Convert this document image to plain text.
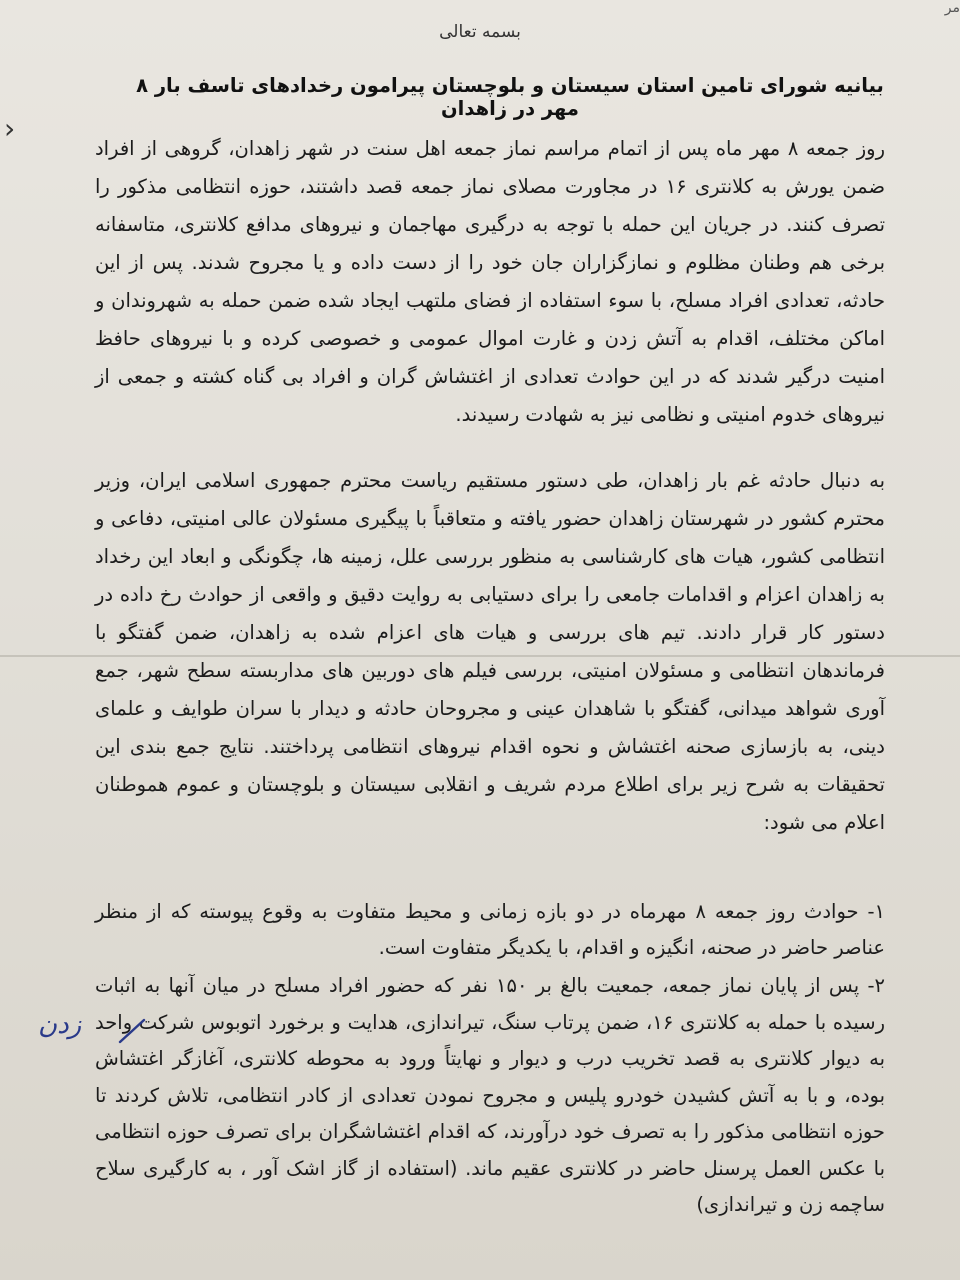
مر
›
بسمه تعالی
بیانیه شورای تامین استان سیستان و بلوچستان پیرامون رخدادهای تاسف بار ۸ مهر در زاهدان

روز جمعه ۸ مهر ماه پس از اتمام مراسم نماز جمعه اهل سنت در شهر زاهدان، گروهی از افراد ضمن یورش به کلانتری ۱۶ در مجاورت مصلای نماز جمعه قصد داشتند، حوزه انتظامی مذکور را تصرف کنند. در جریان این حمله با توجه به درگیری مهاجمان و نیروهای مدافع کلانتری، متاسفانه برخی هم وطنان مظلوم و نمازگزاران جان خود را از دست داده و یا مجروح شدند. پس از این حادثه، تعدادی افراد مسلح، با سوء استفاده از فضای ملتهب ایجاد شده ضمن حمله به شهروندان و اماکن مختلف، اقدام به آتش زدن و غارت اموال عمومی و خصوصی کرده و با نیروهای حافظ امنیت درگیر شدند که در این حوادث تعدادی از اغتشاش گران و افراد بی گناه کشته و جمعی از نیروهای خدوم امنیتی و نظامی نیز به شهادت رسیدند.

به دنبال حادثه غم بار زاهدان، طی دستور مستقیم ریاست محترم جمهوری اسلامی ایران، وزیر محترم کشور در شهرستان زاهدان حضور یافته و متعاقباً با پیگیری مسئولان عالی امنیتی، دفاعی و انتظامی کشور، هیات های کارشناسی به منظور بررسی علل، زمینه ها، چگونگی و ابعاد این رخداد به زاهدان اعزام و اقدامات جامعی را برای دستیابی به روایت دقیق و واقعی از حوادث رخ داده در دستور کار قرار دادند. تیم های بررسی و هیات های اعزام شده به زاهدان، ضمن گفتگو با فرماندهان انتظامی و مسئولان امنیتی، بررسی فیلم های دوربین های مداربسته سطح شهر، جمع آوری شواهد میدانی، گفتگو با شاهدان عینی و مجروحان حادثه و دیدار با سران طوایف و علمای دینی، به بازسازی صحنه اغتشاش و نحوه اقدام نیروهای انتظامی پرداختند. نتایج جمع بندی این تحقیقات به شرح زیر برای اطلاع مردم شریف و انقلابی سیستان و بلوچستان و عموم هموطنان اعلام می شود:

۱- حوادث روز جمعه ۸ مهرماه در دو بازه زمانی و محیط متفاوت به وقوع پیوسته که از منظر عناصر حاضر در صحنه، انگیزه و اقدام، با یکدیگر متفاوت است.

۲- پس از پایان نماز جمعه، جمعیت بالغ بر ۱۵۰ نفر که حضور افراد مسلح در میان آنها به اثبات رسیده با حمله به کلانتری ۱۶، ضمن پرتاب سنگ، تیراندازی، هدایت و برخورد اتوبوس شرکت واحد به دیوار کلانتری به قصد تخریب درب و دیوار و نهایتاً ورود به محوطه کلانتری، آغازگر اغتشاش بوده، و با به آتش کشیدن خودرو پلیس و مجروح نمودن تعدادی از کادر انتظامی، تلاش کردند تا حوزه انتظامی مذکور را به تصرف خود درآورند، که اقدام اغتشاشگران برای تصرف حوزه انتظامی با عکس العمل پرسنل حاضر در کلانتری عقیم ماند. (استفاده از گاز اشک آور ، به کارگیری سلاح ساچمه زن و تیراندازی)

زدن
